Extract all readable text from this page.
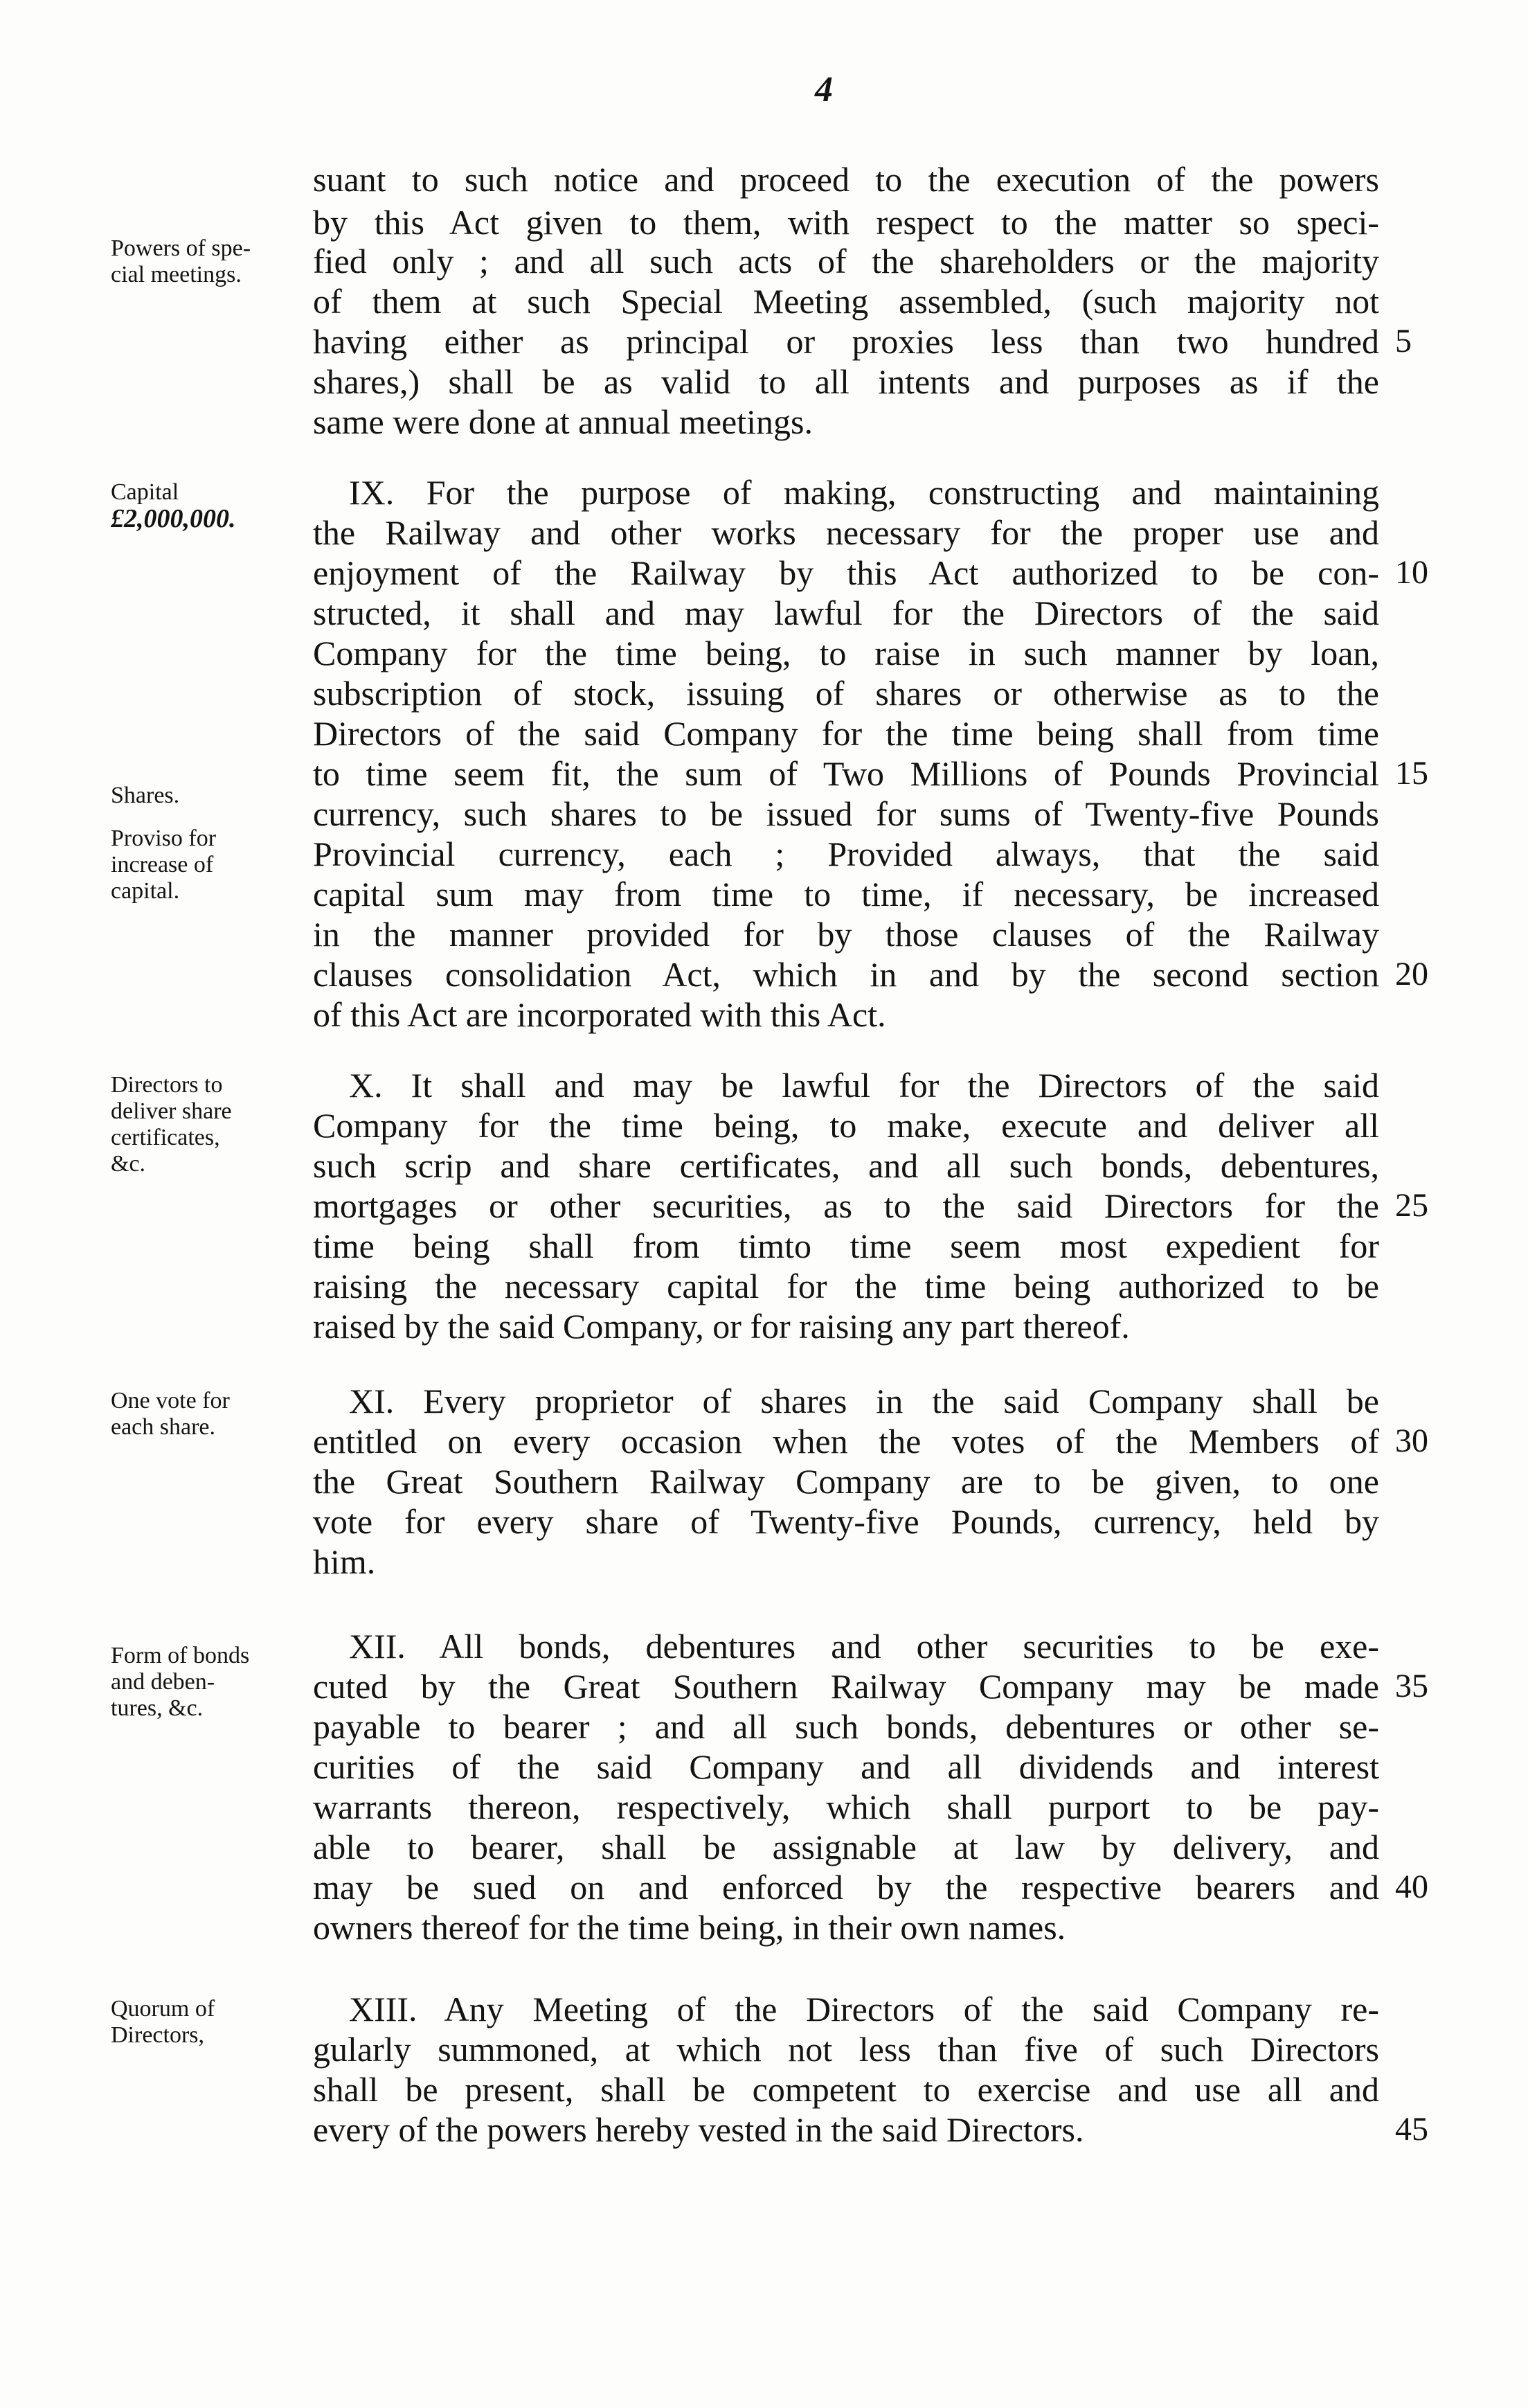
4
Powers of spe-
cial meetings.
Capital
£2,000,000.
Shares.
Proviso for
increase of
capital.
Directors to
deliver share
certificates,
&c.
One vote for
each share.
Form of bonds
and deben-
tures, &c.
Quorum of
Directors,
suant to such notice and proceed to the execution of the powers
by this Act given to them, with respect to the matter so speci-
fied only ; and all such acts of the shareholders or the majority
of them at such Special Meeting assembled, (such majority not
having either as principal or proxies less than two hundred
shares,) shall be as valid to all intents and purposes as if the
same were done at annual meetings.
IX. For the purpose of making, constructing and maintaining
the Railway and other works necessary for the proper use and
enjoyment of the Railway by this Act authorized to be con-
structed, it shall and may lawful for the Directors of the said
Company for the time being, to raise in such manner by loan,
subscription of stock, issuing of shares or otherwise as to the
Directors of the said Company for the time being shall from time
to time seem fit, the sum of Two Millions of Pounds Provincial
currency, such shares to be issued for sums of Twenty-five Pounds
Provincial currency, each ; Provided always, that the said
capital sum may from time to time, if necessary, be increased
in the manner provided for by those clauses of the Railway
clauses consolidation Act, which in and by the second section
of this Act are incorporated with this Act.
X. It shall and may be lawful for the Directors of the said
Company for the time being, to make, execute and deliver all
such scrip and share certificates, and all such bonds, debentures,
mortgages or other securities, as to the said Directors for the
time being shall from timto time seem most expedient for
raising the necessary capital for the time being authorized to be
raised by the said Company, or for raising any part thereof.
XI. Every proprietor of shares in the said Company shall be
entitled on every occasion when the votes of the Members of
the Great Southern Railway Company are to be given, to one
vote for every share of Twenty-five Pounds, currency, held by
him.
XII. All bonds, debentures and other securities to be exe-
cuted by the Great Southern Railway Company may be made
payable to bearer ; and all such bonds, debentures or other se-
curities of the said Company and all dividends and interest
warrants thereon, respectively, which shall purport to be pay-
able to bearer, shall be assignable at law by delivery, and
may be sued on and enforced by the respective bearers and
owners thereof for the time being, in their own names.
XIII. Any Meeting of the Directors of the said Company re-
gularly summoned, at which not less than five of such Directors
shall be present, shall be competent to exercise and use all and
every of the powers hereby vested in the said Directors.
5
10
15
20
25
30
35
40
45
